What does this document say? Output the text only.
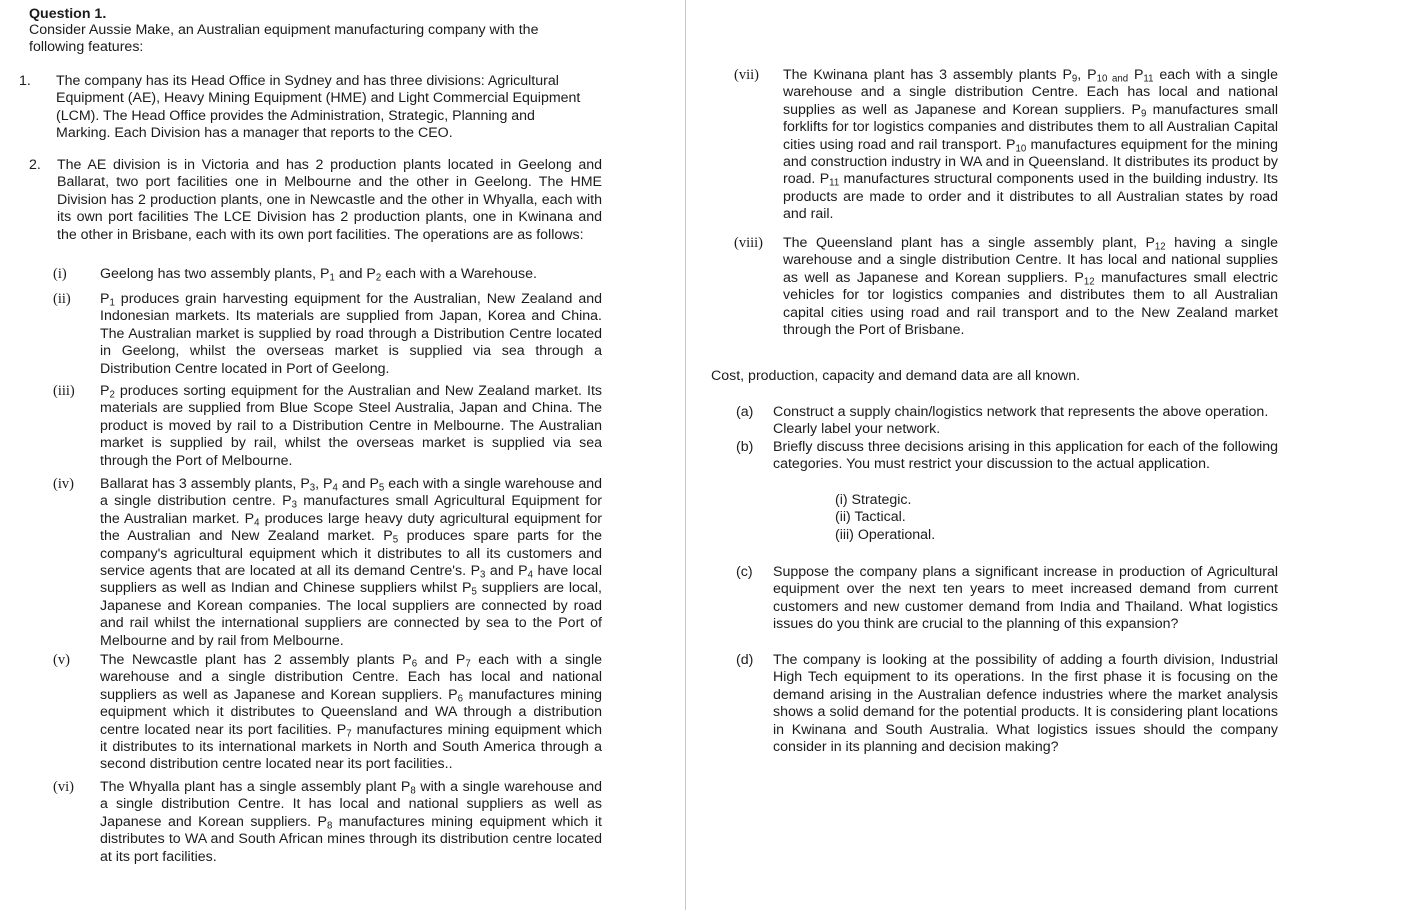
Question 1.
Consider Aussie Make, an Australian equipment manufacturing company with the following features:
1. The company has its Head Office in Sydney and has three divisions: Agricultural Equipment (AE), Heavy Mining Equipment (HME) and Light Commercial Equipment (LCM). The Head Office provides the Administration, Strategic, Planning and Marking. Each Division has a manager that reports to the CEO.
2. The AE division is in Victoria and has 2 production plants located in Geelong and Ballarat, two port facilities one in Melbourne and the other in Geelong. The HME Division has 2 production plants, one in Newcastle and the other in Whyalla, each with its own port facilities The LCE Division has 2 production plants, one in Kwinana and the other in Brisbane, each with its own port facilities. The operations are as follows:
(i) Geelong has two assembly plants, $P_1$ and $P_2$ each with a Warehouse.
(ii) $P_1$ produces grain harvesting equipment for the Australian, New Zealand and Indonesian markets. Its materials are supplied from Japan, Korea and China. The Australian market is supplied by road through a Distribution Centre located in Geelong, whilst the overseas market is supplied via sea through a Distribution Centre located in Port of Geelong.
(iii) $P_2$ produces sorting equipment for the Australian and New Zealand market. Its materials are supplied from Blue Scope Steel Australia, Japan and China. The product is moved by rail to a Distribution Centre in Melbourne. The Australian market is supplied by rail, whilst the overseas market is supplied via sea through the Port of Melbourne.
(iv) Ballarat has 3 assembly plants, $P_3$, $P_4$ and $P_5$ each with a single warehouse and a single distribution centre. $P_3$ manufactures small Agricultural Equipment for the Australian market. $P_4$ produces large heavy duty agricultural equipment for the Australian and New Zealand market. $P_5$ produces spare parts for the company's agricultural equipment which it distributes to all its customers and service agents that are located at all its demand Centre's. $P_3$ and $P_4$ have local suppliers as well as Indian and Chinese suppliers whilst $P_5$ suppliers are local, Japanese and Korean companies. The local suppliers are connected by road and rail whilst the international suppliers are connected by sea to the Port of Melbourne and by rail from Melbourne.
(v) The Newcastle plant has 2 assembly plants $P_6$ and $P_7$ each with a single warehouse and a single distribution Centre. Each has local and national suppliers as well as Japanese and Korean suppliers. $P_6$ manufactures mining equipment which it distributes to Queensland and WA through a distribution centre located near its port facilities. $P_7$ manufactures mining equipment which it distributes to its international markets in North and South America through a second distribution centre located near its port facilities..
(vi) The Whyalla plant has a single assembly plant $P_8$ with a single warehouse and a single distribution Centre. It has local and national suppliers as well as Japanese and Korean suppliers. $P_8$ manufactures mining equipment which it distributes to WA and South African mines through its distribution centre located at its port facilities.
(vii) The Kwinana plant has 3 assembly plants $P_9$, $P_{10 and}$ $P_{11}$ each with a single warehouse and a single distribution Centre. Each has local and national supplies as well as Japanese and Korean suppliers. $P_9$ manufactures small forklifts for tor logistics companies and distributes them to all Australian Capital cities using road and rail transport. $P_{10}$ manufactures equipment for the mining and construction industry in WA and in Queensland. It distributes its product by road. $P_{11}$ manufactures structural components used in the building industry. Its products are made to order and it distributes to all Australian states by road and rail.
(viii) The Queensland plant has a single assembly plant, $P_{12}$ having a single warehouse and a single distribution Centre. It has local and national supplies as well as Japanese and Korean suppliers. $P_{12}$ manufactures small electric vehicles for tor logistics companies and distributes them to all Australian capital cities using road and rail transport and to the New Zealand market through the Port of Brisbane.
Cost, production, capacity and demand data are all known.
(a) Construct a supply chain/logistics network that represents the above operation. Clearly label your network.
(b) Briefly discuss three decisions arising in this application for each of the following categories. You must restrict your discussion to the actual application.
(i) Strategic.
(ii) Tactical.
(iii) Operational.
(c) Suppose the company plans a significant increase in production of Agricultural equipment over the next ten years to meet increased demand from current customers and new customer demand from India and Thailand. What logistics issues do you think are crucial to the planning of this expansion?
(d) The company is looking at the possibility of adding a fourth division, Industrial High Tech equipment to its operations. In the first phase it is focusing on the demand arising in the Australian defence industries where the market analysis shows a solid demand for the potential products. It is considering plant locations in Kwinana and South Australia. What logistics issues should the company consider in its planning and decision making?
